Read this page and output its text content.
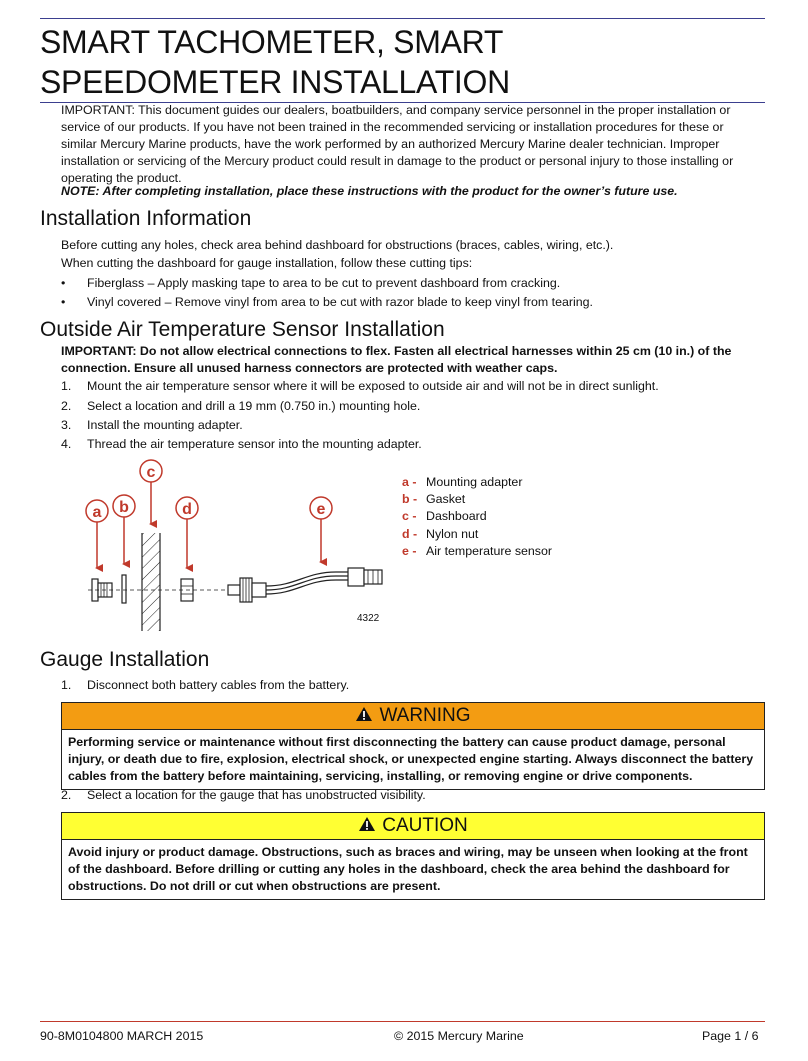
SMART TACHOMETER, SMART
SPEEDOMETER INSTALLATION
IMPORTANT: This document guides our dealers, boatbuilders, and company service personnel in the proper installation or service of our products. If you have not been trained in the recommended servicing or installation procedures for these or similar Mercury Marine products, have the work performed by an authorized Mercury Marine dealer technician. Improper installation or servicing of the Mercury product could result in damage to the product or personal injury to those installing or operating the product.
NOTE: After completing installation, place these instructions with the product for the owner’s future use.
Installation Information
Before cutting any holes, check area behind dashboard for obstructions (braces, cables, wiring, etc.).
When cutting the dashboard for gauge installation, follow these cutting tips:
• Fiberglass – Apply masking tape to area to be cut to prevent dashboard from cracking.
• Vinyl covered – Remove vinyl from area to be cut with razor blade to keep vinyl from tearing.
Outside Air Temperature Sensor Installation
IMPORTANT: Do not allow electrical connections to flex. Fasten all electrical harnesses within 25 cm (10 in.) of the connection. Ensure all unused harness connectors are protected with weather caps.
1. Mount the air temperature sensor where it will be exposed to outside air and will not be in direct sunlight.
2. Select a location and drill a 19 mm (0.750 in.) mounting hole.
3. Install the mounting adapter.
4. Thread the air temperature sensor into the mounting adapter.
a b
c
d	e
4322
a - Mounting adapter
b - Gasket
c - Dashboard
d - Nylon nut
e - Air temperature sensor
Gauge Installation
1. Disconnect both battery cables from the battery.
WARNING
Performing service or maintenance without first disconnecting the battery can cause product damage, personal injury, or death due to fire, explosion, electrical shock, or unexpected engine starting. Always disconnect the battery cables from the battery before maintaining, servicing, installing, or removing engine or drive components.
2. Select a location for the gauge that has unobstructed visibility.
CAUTION
Avoid injury or product damage. Obstructions, such as braces and wiring, may be unseen when looking at the front of the dashboard. Before drilling or cutting any holes in the dashboard, check the area behind the dashboard for obstructions. Do not drill or cut when obstructions are present.
90-8M0104800 MARCH 2015	© 2015 Mercury Marine	Page 1 / 6
